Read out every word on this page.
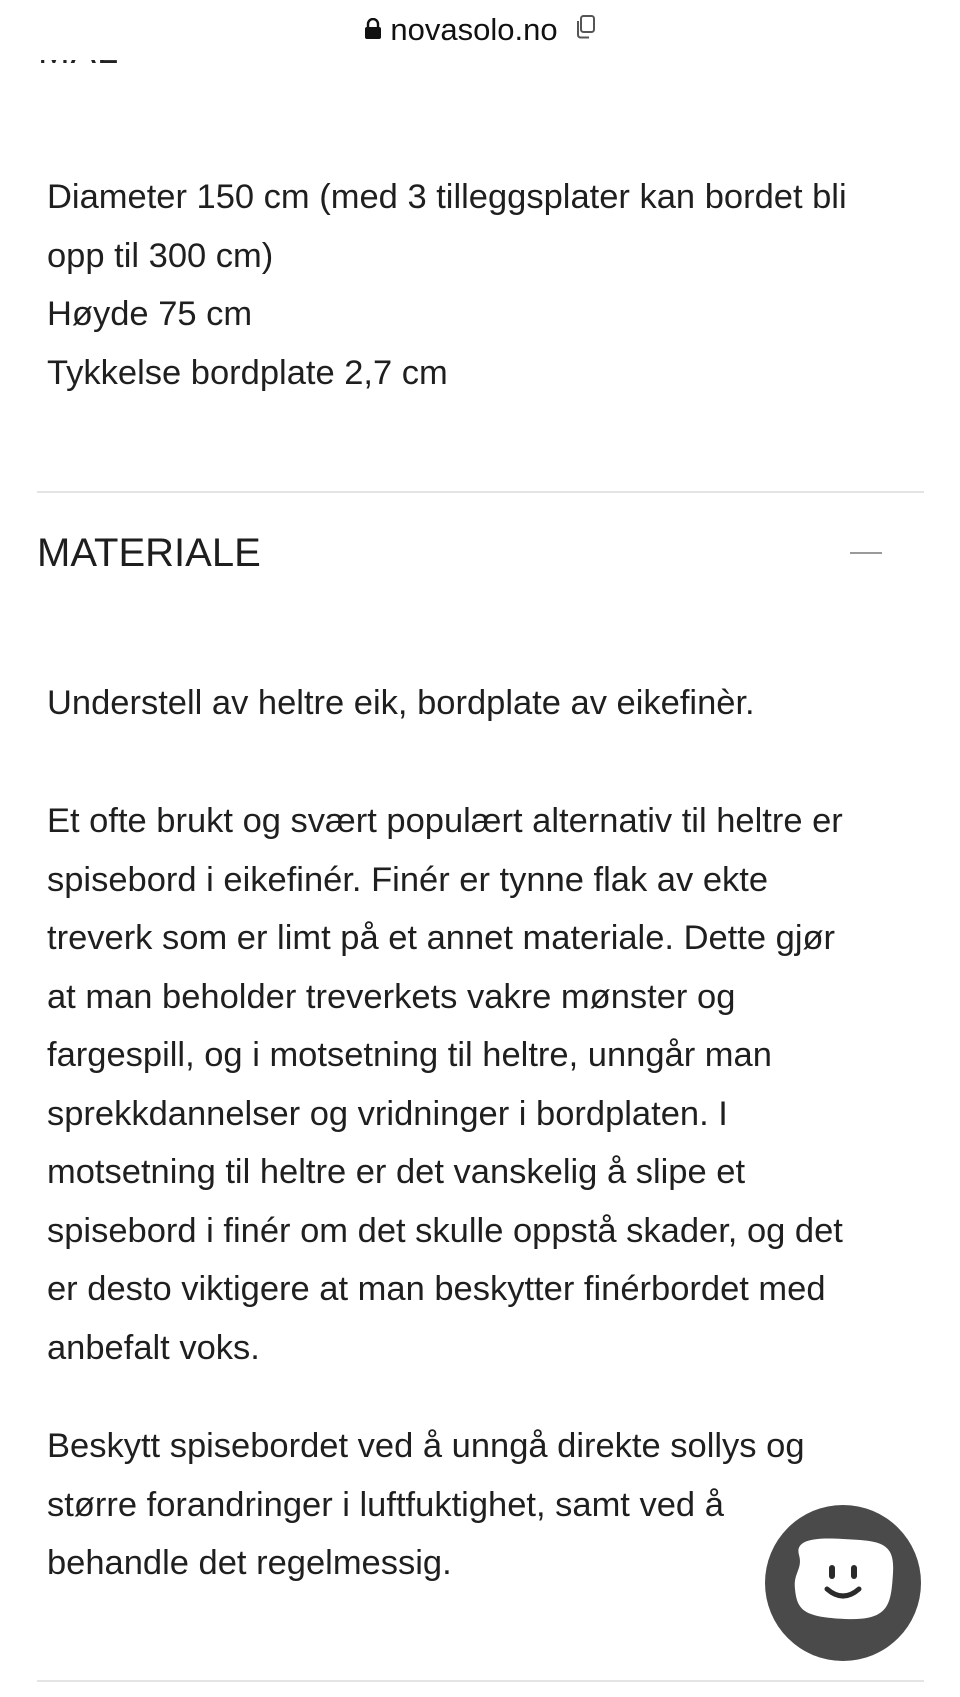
novasolo.no
Diameter 150 cm (med 3 tilleggsplater kan bordet bli
opp til 300 cm)
Høyde 75 cm
Tykkelse bordplate 2,7 cm
MATERIALE

Understell av heltre eik, bordplate av eikefinèr.

Et ofte brukt og svært populært alternativ til heltre er
spisebord i eikefinér. Finér er tynne flak av ekte
treverk som er limt på et annet materiale. Dette gjør
at man beholder treverkets vakre mønster og
fargespill, og i motsetning til heltre, unngår man
sprekkdannelser og vridninger i bordplaten. I
motsetning til heltre er det vanskelig å slipe et
spisebord i finér om det skulle oppstå skader, og det
er desto viktigere at man beskytter finérbordet med
anbefalt voks.
Beskytt spisebordet ved å unngå direkte sollys og
større forandringer i luftfuktighet, samt ved å
behandle det regelmessig.
